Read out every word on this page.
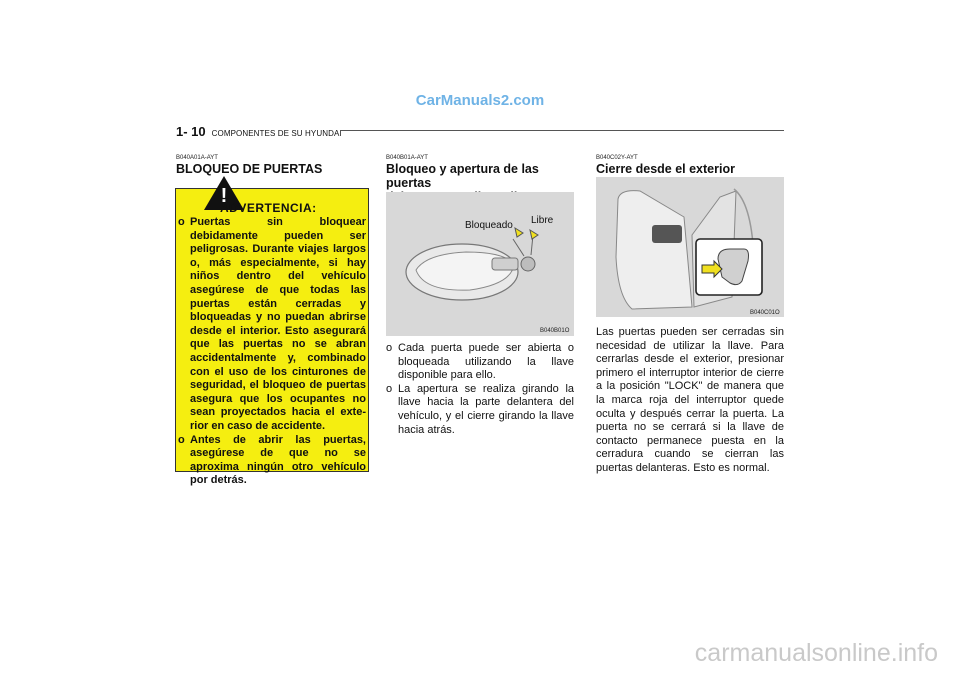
CarManuals2.com
carmanualsonline.info
1- 10 COMPONENTES DE SU HYUNDAI
B040A01A-AYT
BLOQUEO DE PUERTAS
!
ADVERTENCIA:
o Puertas sin bloquear debidamente pueden ser peligrosas. Durante viajes largos o, más especialmente, si hay niños dentro del vehículo asegúrese de que todas las puertas están cerradas y bloqueadas y no puedan abrirse desde el interior. Esto asegurará que las puertas no se abran accidentalmente y, combinado con el uso de los cinturones de seguridad, el bloqueo de puertas asegura que los ocupantes no sean proyectados hacia el exte-rior en caso de accidente.
o Antes de abrir las puertas, asegúrese de que no se aproxima ningún otro vehículo por detrás.
B040B01A-AYT
Bloqueo y apertura de las puertas
Bloqueado Libre
B040B01O
o Cada puerta puede ser abierta o bloqueada utilizando la llave disponible para ello.
o La apertura se realiza girando la llave hacia la parte delantera del vehículo, y el cierre girando la llave hacia atrás.
B040C02Y-AYT
Cierre desde el exterior
B040C01O
Las puertas pueden ser cerradas sin necesidad de utilizar la llave. Para cerrarlas desde el exterior, presionar primero el interruptor interior de cierre a la posición "LOCK" de manera que la marca roja del interruptor quede oculta y después cerrar la puerta. La puerta no se cerrará si la llave de contacto permanece puesta en la cerradura cuando se cierran las puertas delanteras. Esto es normal.
